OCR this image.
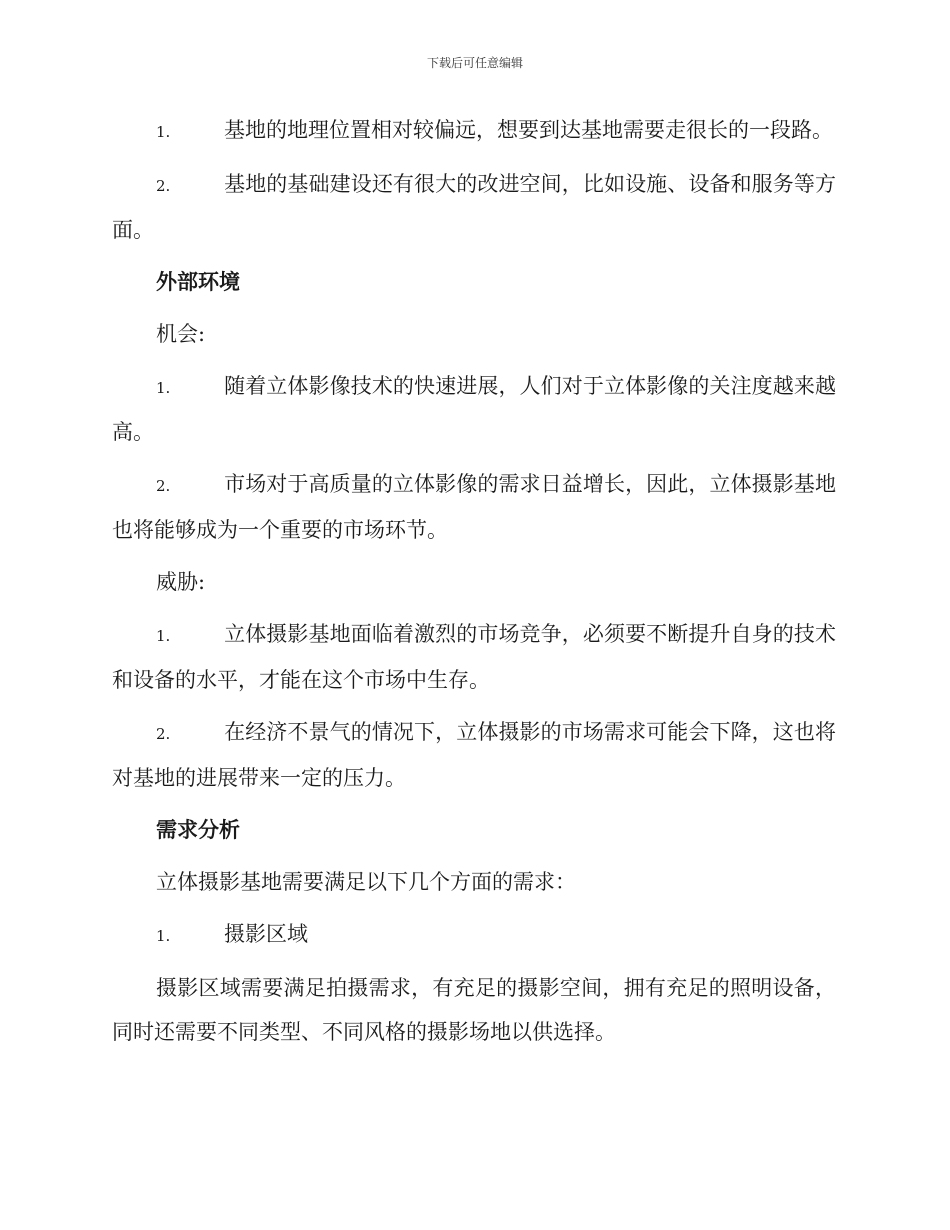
下载后可任意编辑

1.	基地的地理位置相对较偏远，想要到达基地需要走很长的一段路。

2.	基地的基础建设还有很大的改进空间，比如设施、设备和服务等方面。

外部环境

机会:

1.	随着立体影像技术的快速进展，人们对于立体影像的关注度越来越高。

2.	市场对于高质量的立体影像的需求日益增长，因此，立体摄影基地也将能够成为一个重要的市场环节。

威胁:

1.	立体摄影基地面临着激烈的市场竞争，必须要不断提升自身的技术和设备的水平，才能在这个市场中生存。

2.	在经济不景气的情况下，立体摄影的市场需求可能会下降，这也将对基地的进展带来一定的压力。

需求分析

立体摄影基地需要满足以下几个方面的需求：

1.	摄影区域

摄影区域需要满足拍摄需求，有充足的摄影空间，拥有充足的照明设备，同时还需要不同类型、不同风格的摄影场地以供选择。
